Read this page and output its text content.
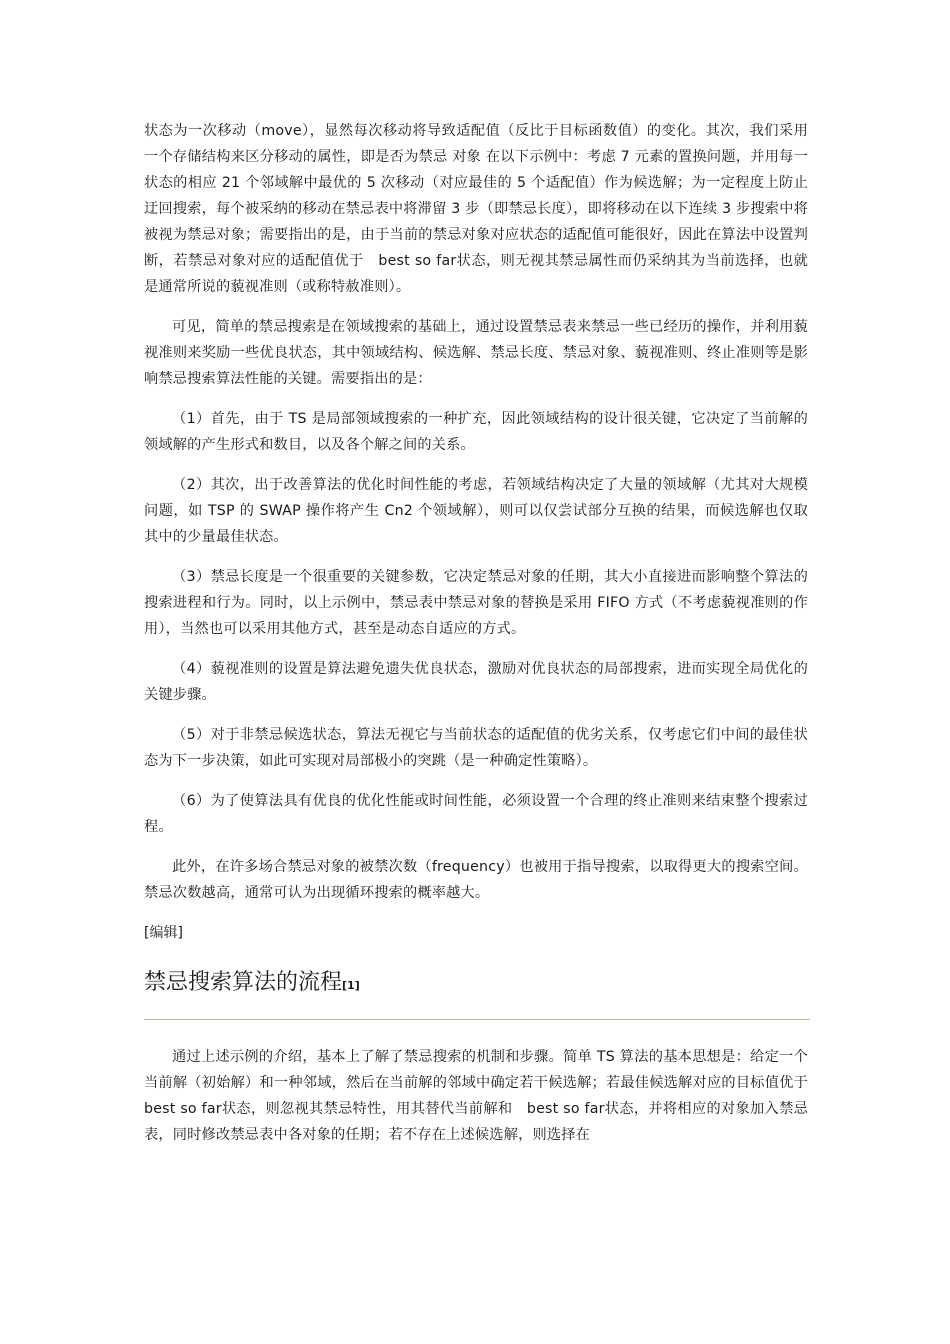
状态为一次移动（move），显然每次移动将导致适配值（反比于目标函数值）的变化。其次，我们采用一个存储结构来区分移动的属性，即是否为禁忌 对象 在以下示例中：考虑 7 元素的置换问题，并用每一状态的相应 21 个邻域解中最优的 5 次移动（对应最佳的 5 个适配值）作为候选解；为一定程度上防止迂回搜索，每个被采纳的移动在禁忌表中将滞留 3 步（即禁忌长度），即将移动在以下连续 3 步搜索中将被视为禁忌对象；需要指出的是，由于当前的禁忌对象对应状态的适配值可能很好，因此在算法中设置判断，若禁忌对象对应的适配值优于　best so far状态，则无视其禁忌属性而仍采纳其为当前选择，也就是通常所说的藐视准则（或称特赦准则）。

可见，简单的禁忌搜索是在领域搜索的基础上，通过设置禁忌表来禁忌一些已经历的操作，并利用藐视准则来奖励一些优良状态，其中领域结构、候选解、禁忌长度、禁忌对象、藐视准则、终止准则等是影响禁忌搜索算法性能的关键。需要指出的是：

（1）首先，由于 TS 是局部领域搜索的一种扩充，因此领域结构的设计很关键，它决定了当前解的领域解的产生形式和数目，以及各个解之间的关系。

（2）其次，出于改善算法的优化时间性能的考虑，若领域结构决定了大量的领域解（尤其对大规模问题，如 TSP 的 SWAP 操作将产生 Cn2 个领域解），则可以仅尝试部分互换的结果，而候选解也仅取其中的少量最佳状态。

（3）禁忌长度是一个很重要的关键参数，它决定禁忌对象的任期，其大小直接进而影响整个算法的搜索进程和行为。同时，以上示例中，禁忌表中禁忌对象的替换是采用 FIFO 方式（不考虑藐视准则的作用），当然也可以采用其他方式，甚至是动态自适应的方式。

（4）藐视准则的设置是算法避免遗失优良状态，激励对优良状态的局部搜索，进而实现全局优化的关键步骤。

（5）对于非禁忌候选状态，算法无视它与当前状态的适配值的优劣关系，仅考虑它们中间的最佳状态为下一步决策，如此可实现对局部极小的突跳（是一种确定性策略）。

（6）为了使算法具有优良的优化性能或时间性能，必须设置一个合理的终止准则来结束整个搜索过程。

此外，在许多场合禁忌对象的被禁次数（frequency）也被用于指导搜索，以取得更大的搜索空间。禁忌次数越高，通常可认为出现循环搜索的概率越大。

[编辑]
禁忌搜索算法的流程[1]

通过上述示例的介绍，基本上了解了禁忌搜索的机制和步骤。简单 TS 算法的基本思想是：给定一个当前解（初始解）和一种邻域，然后在当前解的邻域中确定若干候选解；若最佳候选解对应的目标值优于　best so far状态，则忽视其禁忌特性，用其替代当前解和　best so far状态，并将相应的对象加入禁忌表，同时修改禁忌表中各对象的任期；若不存在上述候选解，则选择在
